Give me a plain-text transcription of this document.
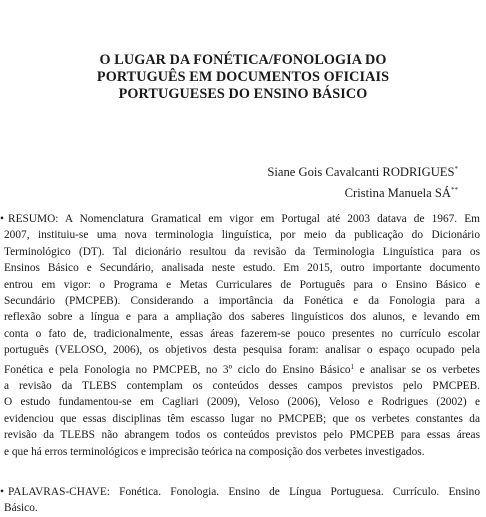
O LUGAR DA FONÉTICA/FONOLOGIA DO
PORTUGUÊS EM DOCUMENTOS OFICIAIS
PORTUGUESES DO ENSINO BÁSICO
Siane Gois Cavalcanti RODRIGUES*
Cristina Manuela SÁ**
• RESUMO: A Nomenclatura Gramatical em vigor em Portugal até 2003 datava de 1967. Em
2007, instituiu-se uma nova terminologia linguística, por meio da publicação do Dicionário
Terminológico (DT). Tal dicionário resultou da revisão da Terminologia Linguística para os
Ensinos Básico e Secundário, analisada neste estudo. Em 2015, outro importante documento
entrou em vigor: o Programa e Metas Curriculares de Português para o Ensino Básico e
Secundário (PMCPEB). Considerando a importância da Fonética e da Fonologia para a
reflexão sobre a língua e para a ampliação dos saberes linguísticos dos alunos, e levando em
conta o fato de, tradicionalmente, essas áreas fazerem-se pouco presentes no currículo escolar
português (VELOSO, 2006), os objetivos desta pesquisa foram: analisar o espaço ocupado pela
Fonética e pela Fonologia no PMCPEB, no 3º ciclo do Ensino Básico$^1$ e analisar se os verbetes
a revisão da TLEBS contemplam os conteúdos desses campos previstos pelo PMCPEB.
O estudo fundamentou-se em Cagliari (2009), Veloso (2006), Veloso e Rodrigues (2002) e
evidenciou que essas disciplinas têm escasso lugar no PMCPEB; que os verbetes constantes da
revisão da TLEBS não abrangem todos os conteúdos previstos pelo PMCPEB para essas áreas
e que há erros terminológicos e imprecisão teórica na composição dos verbetes investigados.
• PALAVRAS-CHAVE: Fonética. Fonologia. Ensino de Língua Portuguesa. Currículo. Ensino
Básico.
